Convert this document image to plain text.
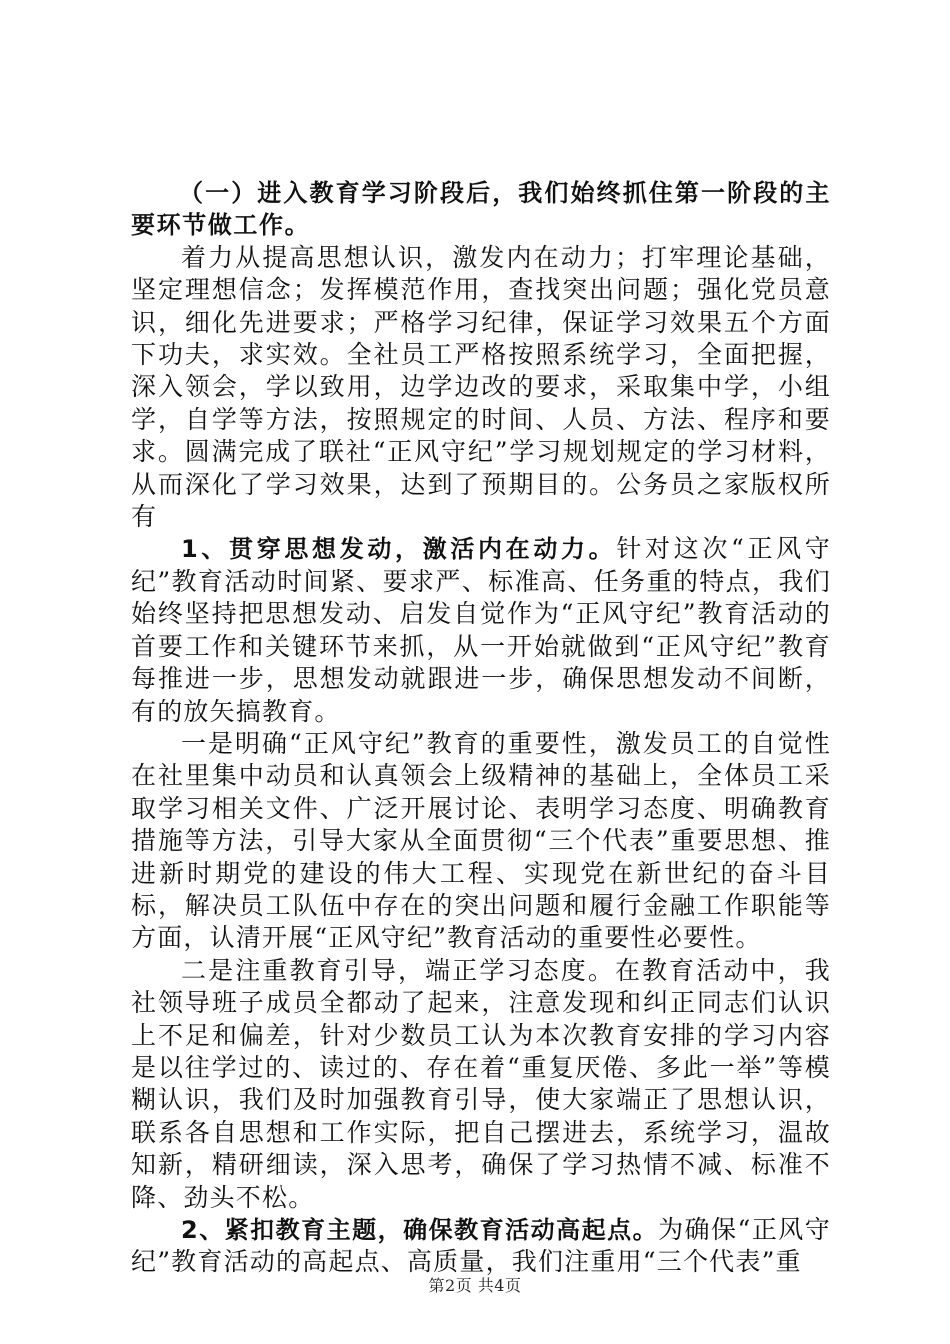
（一）进入教育学习阶段后，我们始终抓住第一阶段的主要环节做工作。

着力从提高思想认识，激发内在动力；打牢理论基础，坚定理想信念；发挥模范作用，查找突出问题；强化党员意识，细化先进要求；严格学习纪律，保证学习效果五个方面下功夫，求实效。全社员工严格按照系统学习，全面把握，深入领会，学以致用，边学边改的要求，采取集中学，小组学，自学等方法，按照规定的时间、人员、方法、程序和要求。圆满完成了联社“正风守纪”学习规划规定的学习材料，从而深化了学习效果，达到了预期目的。公务员之家版权所有

1、贯穿思想发动，激活内在动力。针对这次“正风守纪”教育活动时间紧、要求严、标准高、任务重的特点，我们始终坚持把思想发动、启发自觉作为“正风守纪”教育活动的首要工作和关键环节来抓，从一开始就做到“正风守纪”教育每推进一步，思想发动就跟进一步，确保思想发动不间断，有的放矢搞教育。

一是明确“正风守纪”教育的重要性，激发员工的自觉性在社里集中动员和认真领会上级精神的基础上，全体员工采取学习相关文件、广泛开展讨论、表明学习态度、明确教育措施等方法，引导大家从全面贯彻“三个代表”重要思想、推进新时期党的建设的伟大工程、实现党在新世纪的奋斗目标，解决员工队伍中存在的突出问题和履行金融工作职能等方面，认清开展“正风守纪”教育活动的重要性必要性。

二是注重教育引导，端正学习态度。在教育活动中，我社领导班子成员全都动了起来，注意发现和纠正同志们认识上不足和偏差，针对少数员工认为本次教育安排的学习内容是以往学过的、读过的、存在着“重复厌倦、多此一举”等模糊认识，我们及时加强教育引导，使大家端正了思想认识，联系各自思想和工作实际，把自己摆进去，系统学习，温故知新，精研细读，深入思考，确保了学习热情不减、标准不降、劲头不松。

2、紧扣教育主题，确保教育活动高起点。为确保“正风守纪”教育活动的高起点、高质量，我们注重用“三个代表”重

第2页 共4页
